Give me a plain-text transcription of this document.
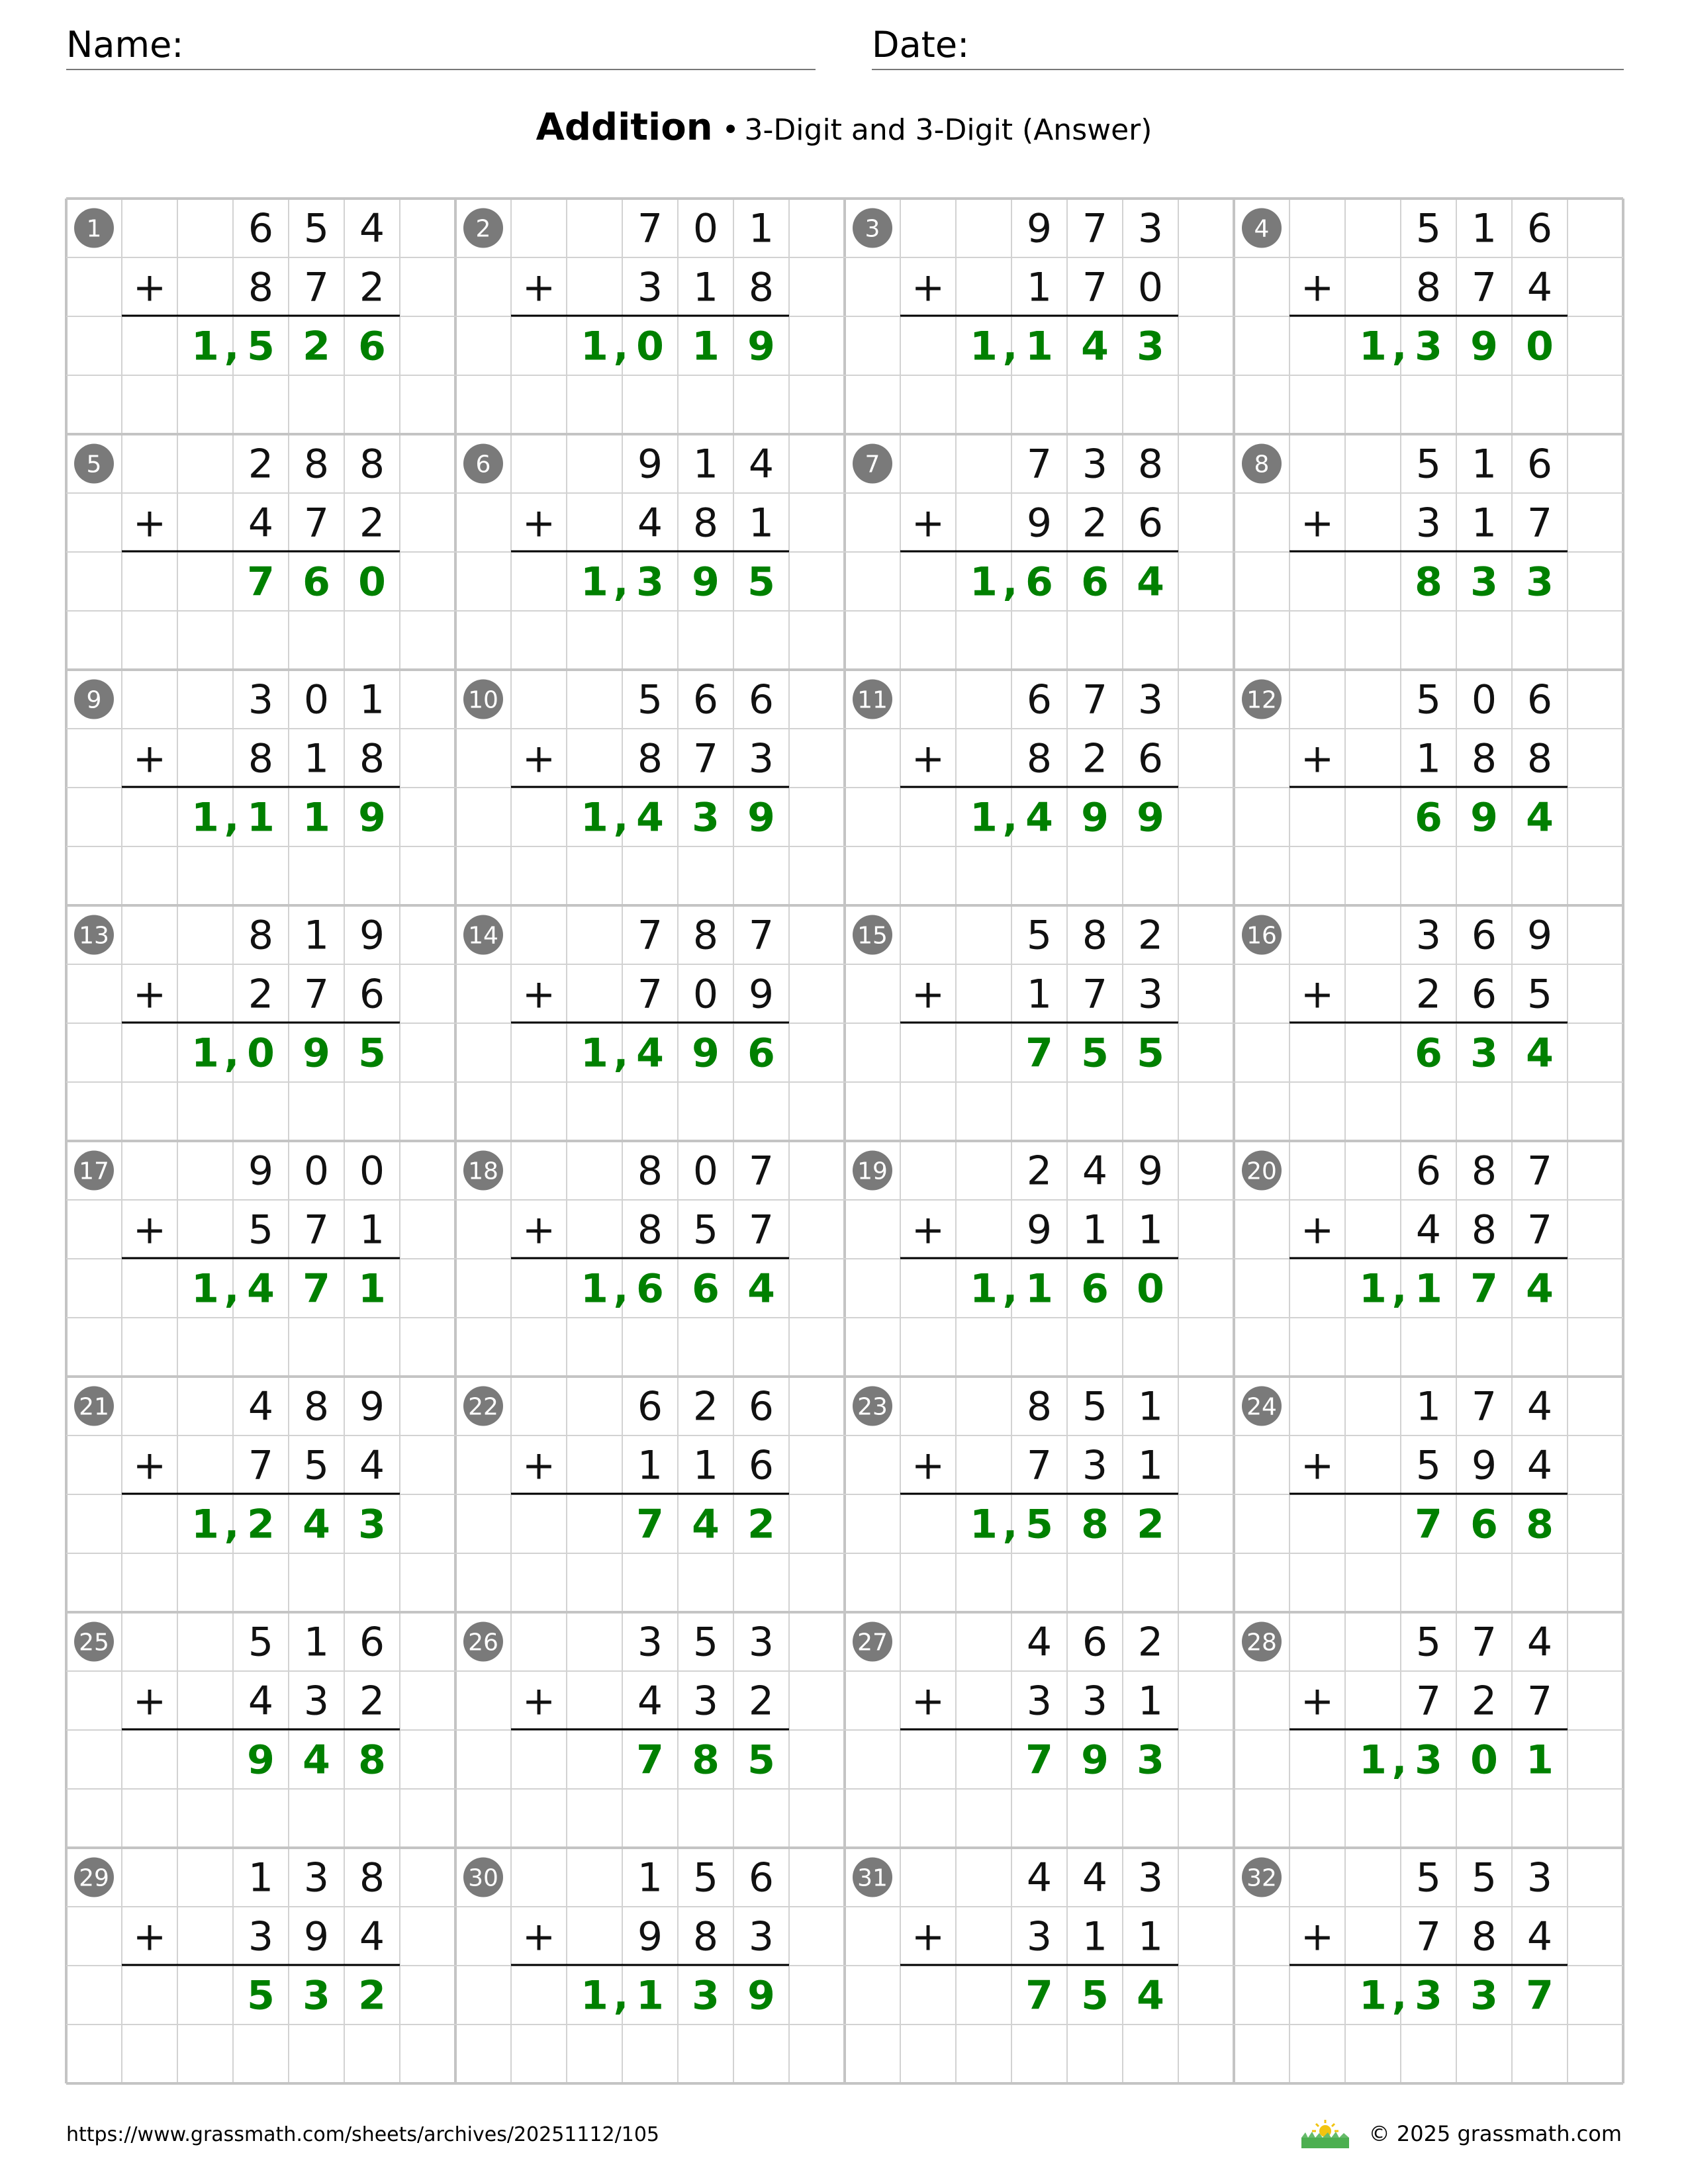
Name:	Date:
Addition • 3-Digit and 3-Digit (Answer)
1	6 5 4
+ 8 7 2
1 5 2 6
,
2	7 0 1
+ 3 1 8
1 0 1 9
,
3	9 7 3
+ 1 7 0
1 1 4 3
,
4	5 1 6
+ 8 7 4
1 3 9 0
,
5	2 8 8
+ 4 7 2
7 6 0
6	9 1 4
+ 4 8 1
1 3 9 5
,
7	7 3 8
+ 9 2 6
1 6 6 4
,
8	5 1 6
+ 3 1 7
8 3 3
9	3 0 1
+ 8 1 8
1 1 1 9
,
10	5 6 6
+ 8 7 3
1 4 3 9
,
11	6 7 3
+ 8 2 6
1 4 9 9
,
12	5 0 6
+ 1 8 8
6 9 4
13	8 1 9
+ 2 7 6
1 0 9 5
,
14	7 8 7
+ 7 0 9
1 4 9 6
,
15	5 8 2
+ 1 7 3
7 5 5
16	3 6 9
+ 2 6 5
6 3 4
17	9 0 0
+ 5 7 1
1 4 7 1
,
18	8 0 7
+ 8 5 7
1 6 6 4
,
19	2 4 9
+ 9 1 1
1 1 6 0
,
20	6 8 7
+ 4 8 7
1 1 7 4
,
21	4 8 9
+ 7 5 4
1 2 4 3
,
22	6 2 6
+ 1 1 6
7 4 2
23	8 5 1
+ 7 3 1
1 5 8 2
,
24	1 7 4
+ 5 9 4
7 6 8
25	5 1 6
+ 4 3 2
9 4 8
26	3 5 3
+ 4 3 2
7 8 5
27	4 6 2
+ 3 3 1
7 9 3
28	5 7 4
+ 7 2 7
1 3 0 1
,
29	1 3 8
+ 3 9 4
5 3 2
30	1 5 6
+ 9 8 3
1 1 3 9
,
31	4 4 3
+ 3 1 1
7 5 4
32	5 5 3
+ 7 8 4
1 3 3 7
,
https://www.grassmath.com/sheets/archives/20251112/105	© 2025 grassmath.com
